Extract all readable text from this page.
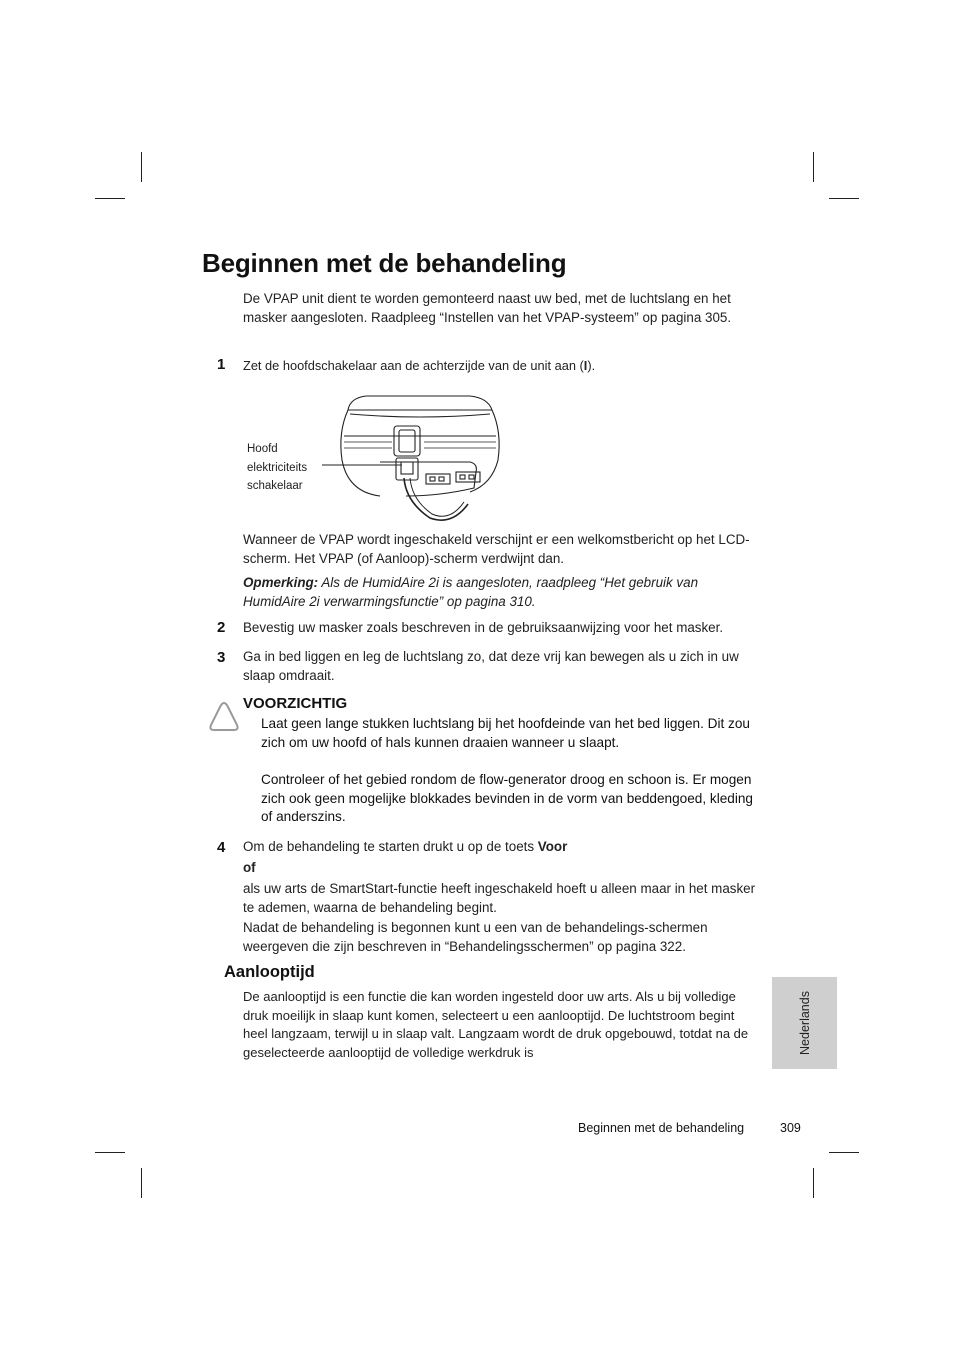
Beginnen met de behandeling
De VPAP unit dient te worden gemonteerd naast uw bed, met de luchtslang en het masker aangesloten. Raadpleeg “Instellen van het VPAP-systeem” op pagina 305.
1 Zet de hoofdschakelaar aan de achterzijde van de unit aan (I).
Hoofd
elektriciteits
schakelaar
Wanneer de VPAP wordt ingeschakeld verschijnt er een welkomstbericht op het LCD-scherm. Het VPAP (of Aanloop)-scherm verdwijnt dan.
Opmerking: Als de HumidAire 2i is aangesloten, raadpleeg “Het gebruik van HumidAire 2i verwarmingsfunctie” op pagina 310.
2 Bevestig uw masker zoals beschreven in de gebruiksaanwijzing voor het masker.
3 Ga in bed liggen en leg de luchtslang zo, dat deze vrij kan bewegen als u zich in uw slaap omdraait.
VOORZICHTIG
Laat geen lange stukken luchtslang bij het hoofdeinde van het bed liggen. Dit zou zich om uw hoofd of hals kunnen draaien wanneer u slaapt.
Controleer of het gebied rondom de flow-generator droog en schoon is. Er mogen zich ook geen mogelijke blokkades bevinden in de vorm van beddengoed, kleding of anderszins.
4 Om de behandeling te starten drukt u op de toets Voor
of
als uw arts de SmartStart-functie heeft ingeschakeld hoeft u alleen maar in het masker te ademen, waarna de behandeling begint.
Nadat de behandeling is begonnen kunt u een van de behandelings-schermen weergeven die zijn beschreven in “Behandelingsschermen” op pagina 322.
Aanlooptijd
De aanlooptijd is een functie die kan worden ingesteld door uw arts. Als u bij volledige druk moeilijk in slaap kunt komen, selecteert u een aanlooptijd. De luchtstroom begint heel langzaam, terwijl u in slaap valt. Langzaam wordt de druk opgebouwd, totdat na de geselecteerde aanlooptijd de volledige werkdruk is	Nederlands
Beginnen met de behandeling	309
